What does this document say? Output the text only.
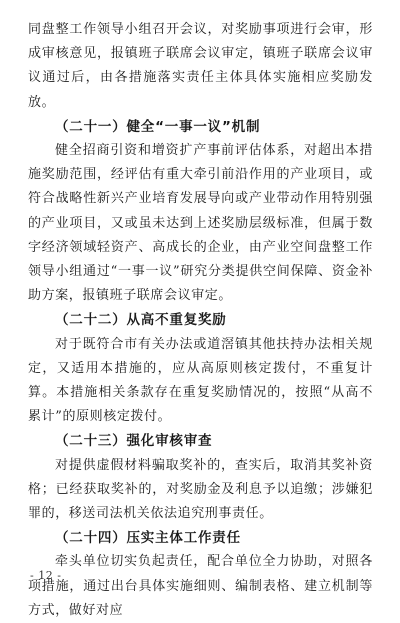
同盘整工作领导小组召开会议，对奖励事项进行会审，形成审核意见，报镇班子联席会议审定，镇班子联席会议审议通过后，由各措施落实责任主体具体实施相应奖励发放。

（二十一）健全“一事一议”机制

健全招商引资和增资扩产事前评估体系，对超出本措施奖励范围，经评估有重大牵引前沿作用的产业项目，或符合战略性新兴产业培育发展导向或产业带动作用特别强的产业项目，又或虽未达到上述奖励层级标准，但属于数字经济领域轻资产、高成长的企业，由产业空间盘整工作领导小组通过“一事一议”研究分类提供空间保障、资金补助方案，报镇班子联席会议审定。

（二十二）从高不重复奖励

对于既符合市有关办法或道滘镇其他扶持办法相关规定，又适用本措施的，应从高原则核定拨付，不重复计算。本措施相关条款存在重复奖励情况的，按照“从高不累计”的原则核定拨付。

（二十三）强化审核审查

对提供虚假材料骗取奖补的，查实后，取消其奖补资格；已经获取奖补的，对奖励金及利息予以追缴；涉嫌犯罪的，移送司法机关依法追究刑事责任。

（二十四）压实主体工作责任

牵头单位切实负起责任，配合单位全力协助，对照各项措施，通过出台具体实施细则、编制表格、建立机制等方式，做好对应

- 12 -
